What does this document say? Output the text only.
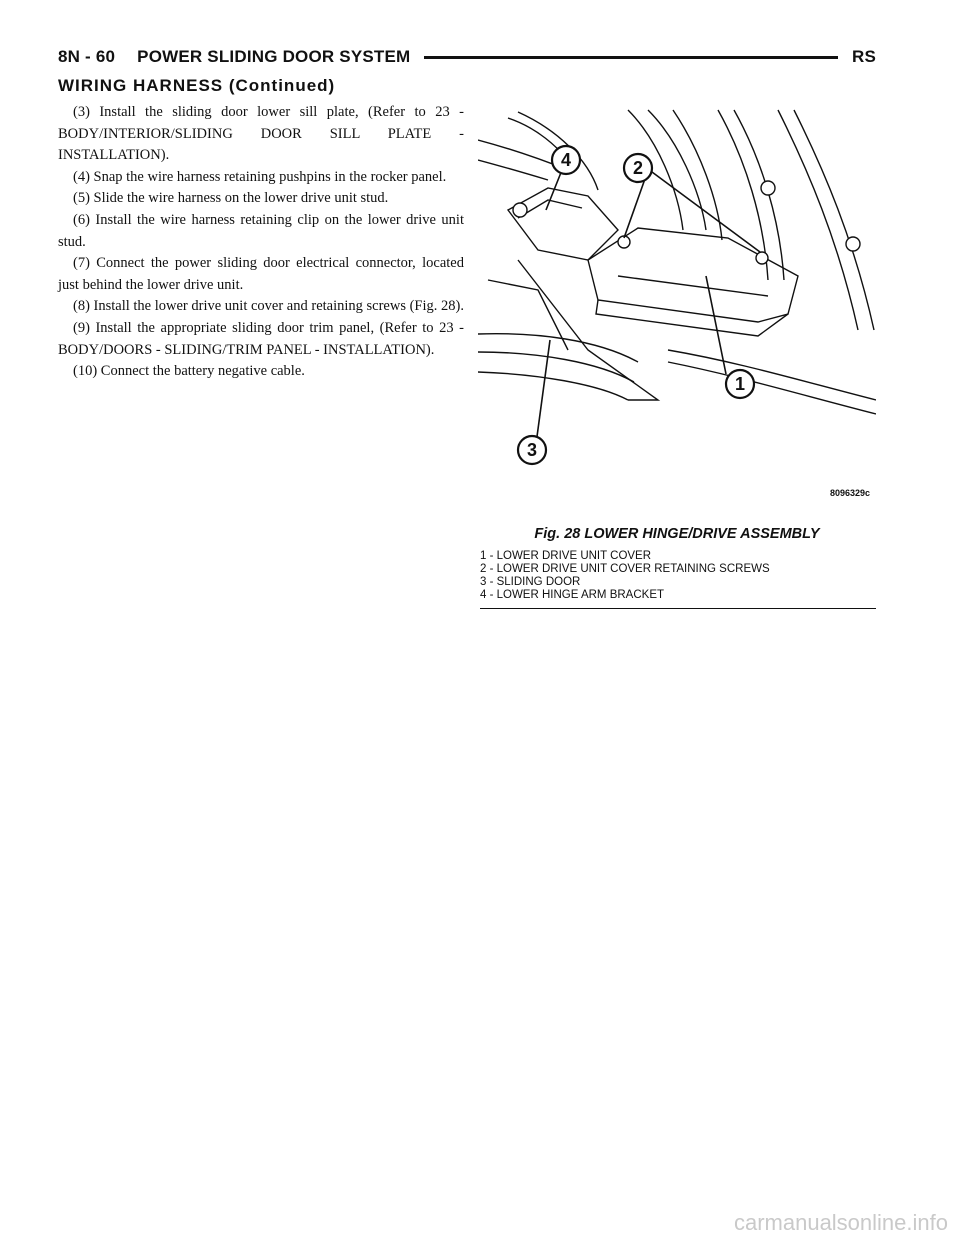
8N - 60 POWER SLIDING DOOR SYSTEM	RS
WIRING HARNESS (Continued)

(3) Install the sliding door lower sill plate, (Refer to 23 - BODY/INTERIOR/SLIDING DOOR SILL PLATE - INSTALLATION).

(4) Snap the wire harness retaining pushpins in the rocker panel.

(5) Slide the wire harness on the lower drive unit stud.

(6) Install the wire harness retaining clip on the lower drive unit stud.

(7) Connect the power sliding door electrical connector, located just behind the lower drive unit.

(8) Install the lower drive unit cover and retaining screws (Fig. 28).

(9) Install the appropriate sliding door trim panel, (Refer to 23 - BODY/DOORS - SLIDING/TRIM PANEL - INSTALLATION).

(10) Connect the battery negative cable.

4	2
1
3
8096329c
Fig. 28 LOWER HINGE/DRIVE ASSEMBLY
1 - LOWER DRIVE UNIT COVER
2 - LOWER DRIVE UNIT COVER RETAINING SCREWS
3 - SLIDING DOOR
4 - LOWER HINGE ARM BRACKET
carmanualsonline.info
